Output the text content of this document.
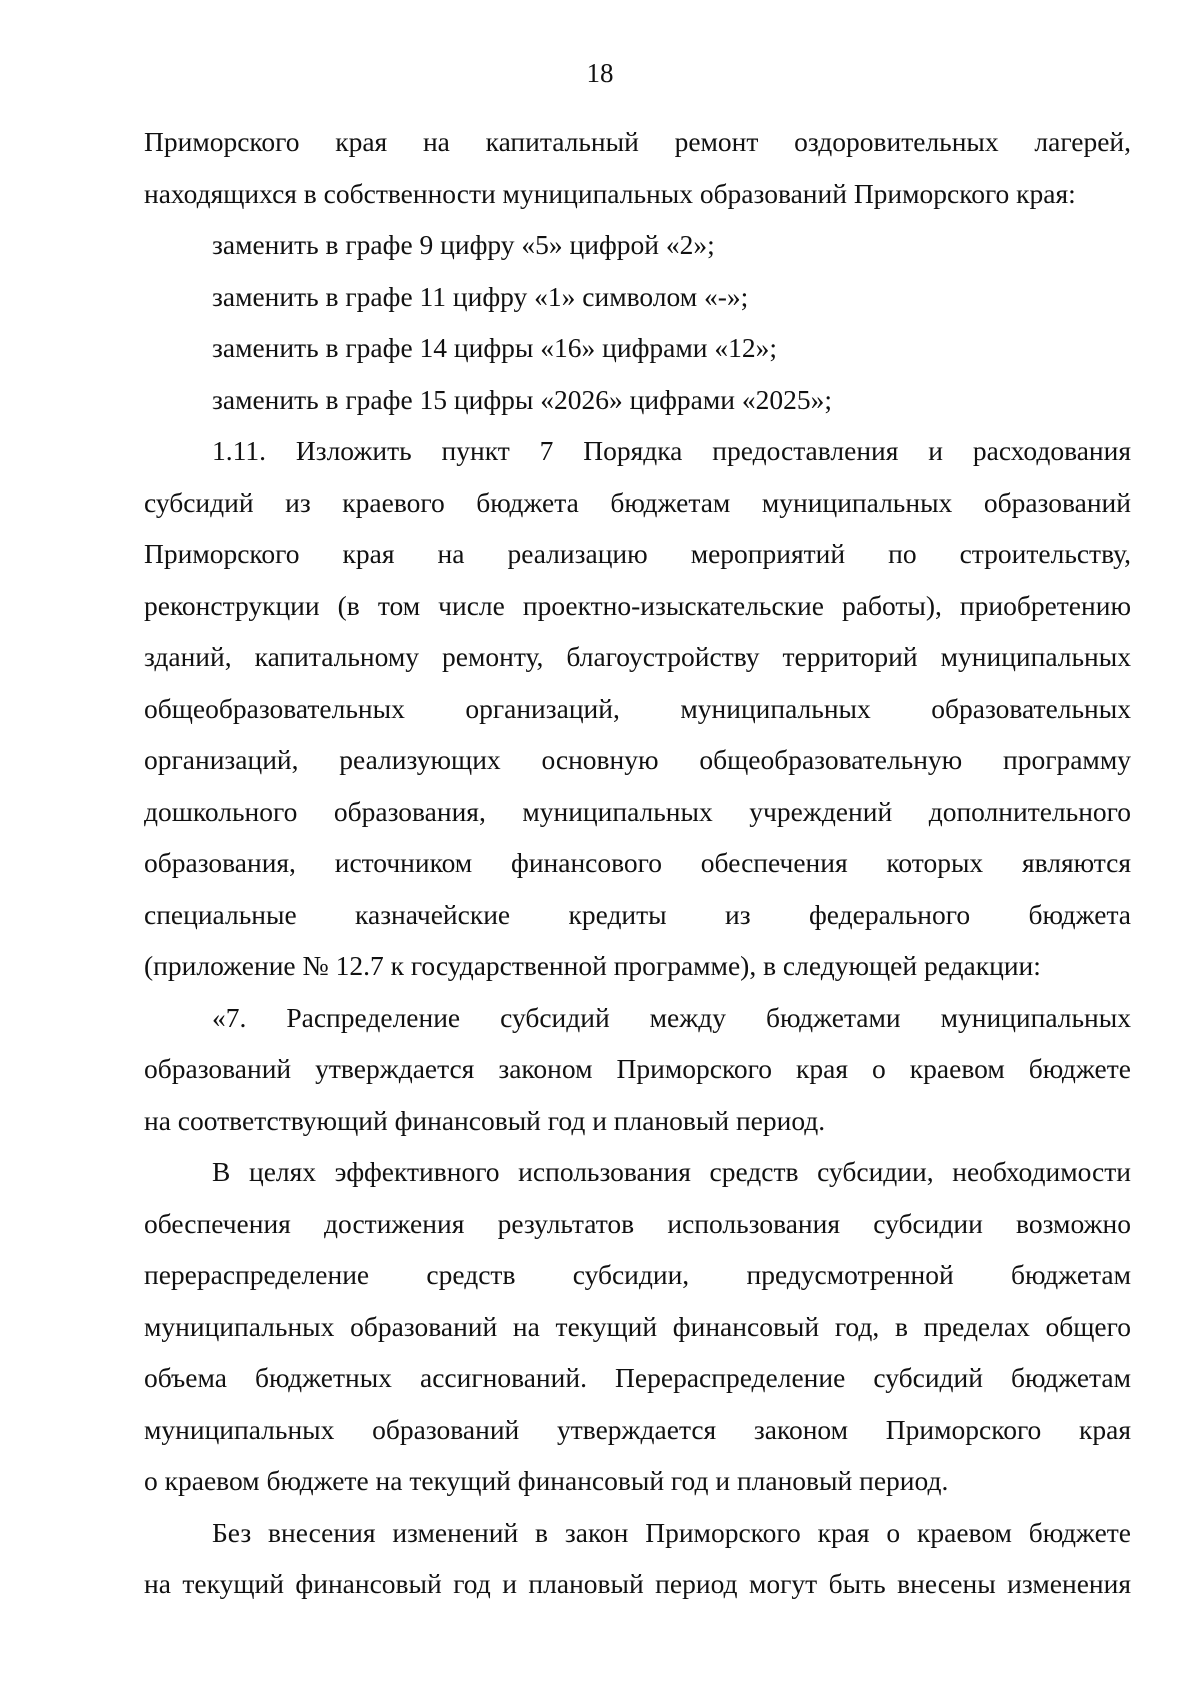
18

Приморского края на капитальный ремонт оздоровительных лагерей,

находящихся в собственности муниципальных образований Приморского края:

заменить в графе 9 цифру «5» цифрой «2»;

заменить в графе 11 цифру «1» символом «-»;

заменить в графе 14 цифры «16» цифрами «12»;

заменить в графе 15 цифры «2026» цифрами «2025»;

1.11. Изложить пункт 7 Порядка предоставления и расходования

субсидий из краевого бюджета бюджетам муниципальных образований

Приморского края на реализацию мероприятий по строительству,

реконструкции (в том числе проектно-изыскательские работы), приобретению

зданий, капитальному ремонту, благоустройству территорий муниципальных

общеобразовательных организаций, муниципальных образовательных

организаций, реализующих основную общеобразовательную программу

дошкольного образования, муниципальных учреждений дополнительного

образования, источником финансового обеспечения которых являются

специальные казначейские кредиты из федерального бюджета

(приложение № 12.7 к государственной программе), в следующей редакции:

«7. Распределение субсидий между бюджетами муниципальных

образований утверждается законом Приморского края о краевом бюджете

на соответствующий финансовый год и плановый период.

В целях эффективного использования средств субсидии, необходимости

обеспечения достижения результатов использования субсидии возможно

перераспределение средств субсидии, предусмотренной бюджетам

муниципальных образований на текущий финансовый год, в пределах общего

объема бюджетных ассигнований. Перераспределение субсидий бюджетам

муниципальных образований утверждается законом Приморского края

о краевом бюджете на текущий финансовый год и плановый период.

Без внесения изменений в закон Приморского края о краевом бюджете

на текущий финансовый год и плановый период могут быть внесены изменения
